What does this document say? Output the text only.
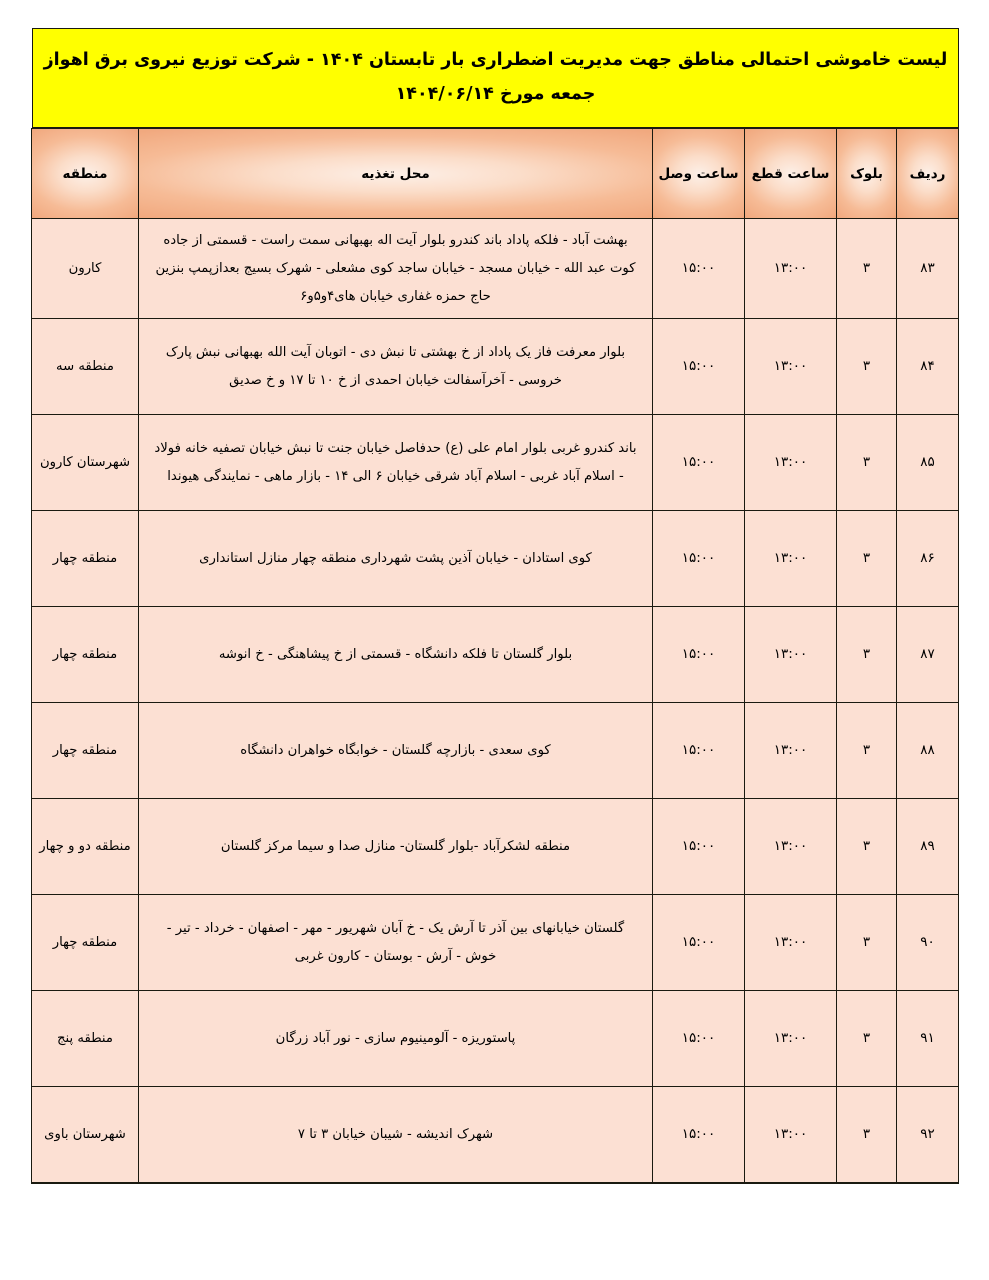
لیست خاموشی احتمالی مناطق جهت مدیریت اضطراری بار تابستان ۱۴۰۴ - شرکت توزیع نیروی برق اهواز
جمعه مورخ ۱۴۰۴/۰۶/۱۴
ردیف	بلوک	ساعت قطع	ساعت وصل	محل تغذیه	منطقه
۸۳	۳	۱۳:۰۰	۱۵:۰۰	بهشت آباد - فلکه پاداد باند کندرو بلوار آیت اله بهبهانی سمت راست - قسمتی از جاده کوت عبد الله - خیابان مسجد - خیابان ساجد کوی مشعلی - شهرک بسیج بعدازپمپ بنزین حاج حمزه غفاری خیابان های۴و۵و۶	کارون
۸۴	۳	۱۳:۰۰	۱۵:۰۰	بلوار معرفت فاز یک پاداد از خ بهشتی تا نبش دی - اتوبان آیت الله بهبهانی نبش پارک خروسی - آخرآسفالت خیابان احمدی از خ ۱۰ تا ۱۷ و خ صدیق	منطقه سه
۸۵	۳	۱۳:۰۰	۱۵:۰۰	باند کندرو غربی بلوار امام علی (ع) حدفاصل خیابان جنت تا نبش خیابان تصفیه خانه فولاد - اسلام آباد غربی - اسلام آباد شرقی خیابان ۶ الی ۱۴ - بازار ماهی - نمایندگی هیوندا	شهرستان کارون
۸۶	۳	۱۳:۰۰	۱۵:۰۰	کوی استادان - خیابان آذین پشت شهرداری منطقه چهار منازل استانداری	منطقه چهار
۸۷	۳	۱۳:۰۰	۱۵:۰۰	بلوار گلستان تا فلکه دانشگاه - قسمتی از خ پیشاهنگی - خ انوشه	منطقه چهار
۸۸	۳	۱۳:۰۰	۱۵:۰۰	کوی سعدی - بازارچه گلستان - خوابگاه خواهران دانشگاه	منطقه چهار
۸۹	۳	۱۳:۰۰	۱۵:۰۰	منطقه لشکرآباد -بلوار گلستان- منازل صدا و سیما مرکز گلستان	منطقه دو و چهار
۹۰	۳	۱۳:۰۰	۱۵:۰۰	گلستان خیابانهای بین آذر تا آرش یک - خ آبان شهریور - مهر - اصفهان - خرداد - تیر - خوش - آرش - بوستان - کارون غربی	منطقه چهار
۹۱	۳	۱۳:۰۰	۱۵:۰۰	پاستوریزه - آلومینیوم سازی - نور آباد زرگان	منطقه پنج
۹۲	۳	۱۳:۰۰	۱۵:۰۰	شهرک اندیشه - شیبان خیابان ۳ تا ۷	شهرستان باوی
